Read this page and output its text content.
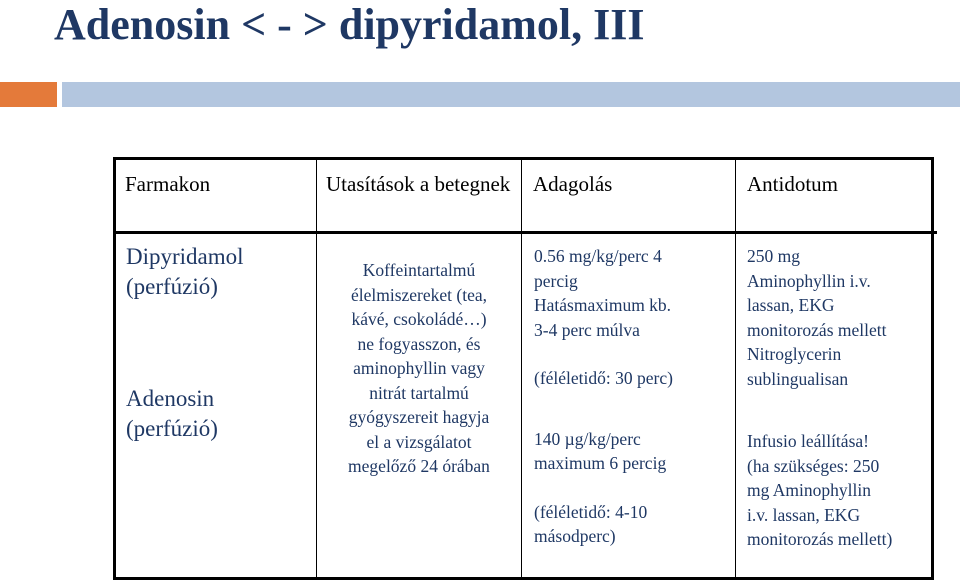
Adenosin < - > dipyridamol, III
Farmakon	Utasítások a betegnek Adagolás	Antidotum
Dipyridamol
(perfúzió)
Adenosin
(perfúzió)
Koffeintartalmú
élelmiszereket (tea,
kávé, csokoládé…)
ne fogyasszon, és
aminophyllin vagy
nitrát tartalmú
gyógyszereit hagyja
el a vizsgálatot
megelőző 24 órában
0.56 mg/kg/perc 4
percig
Hatásmaximum kb.
3-4 perc múlva
(féléletidő: 30 perc)
140 µg/kg/perc
maximum 6 percig
(féléletidő: 4-10
másodperc)
250 mg
Aminophyllin i.v.
lassan, EKG
monitorozás mellett
Nitroglycerin
sublingualisan
Infusio leállítása!
(ha szükséges: 250
mg Aminophyllin
i.v. lassan, EKG
monitorozás mellett)
